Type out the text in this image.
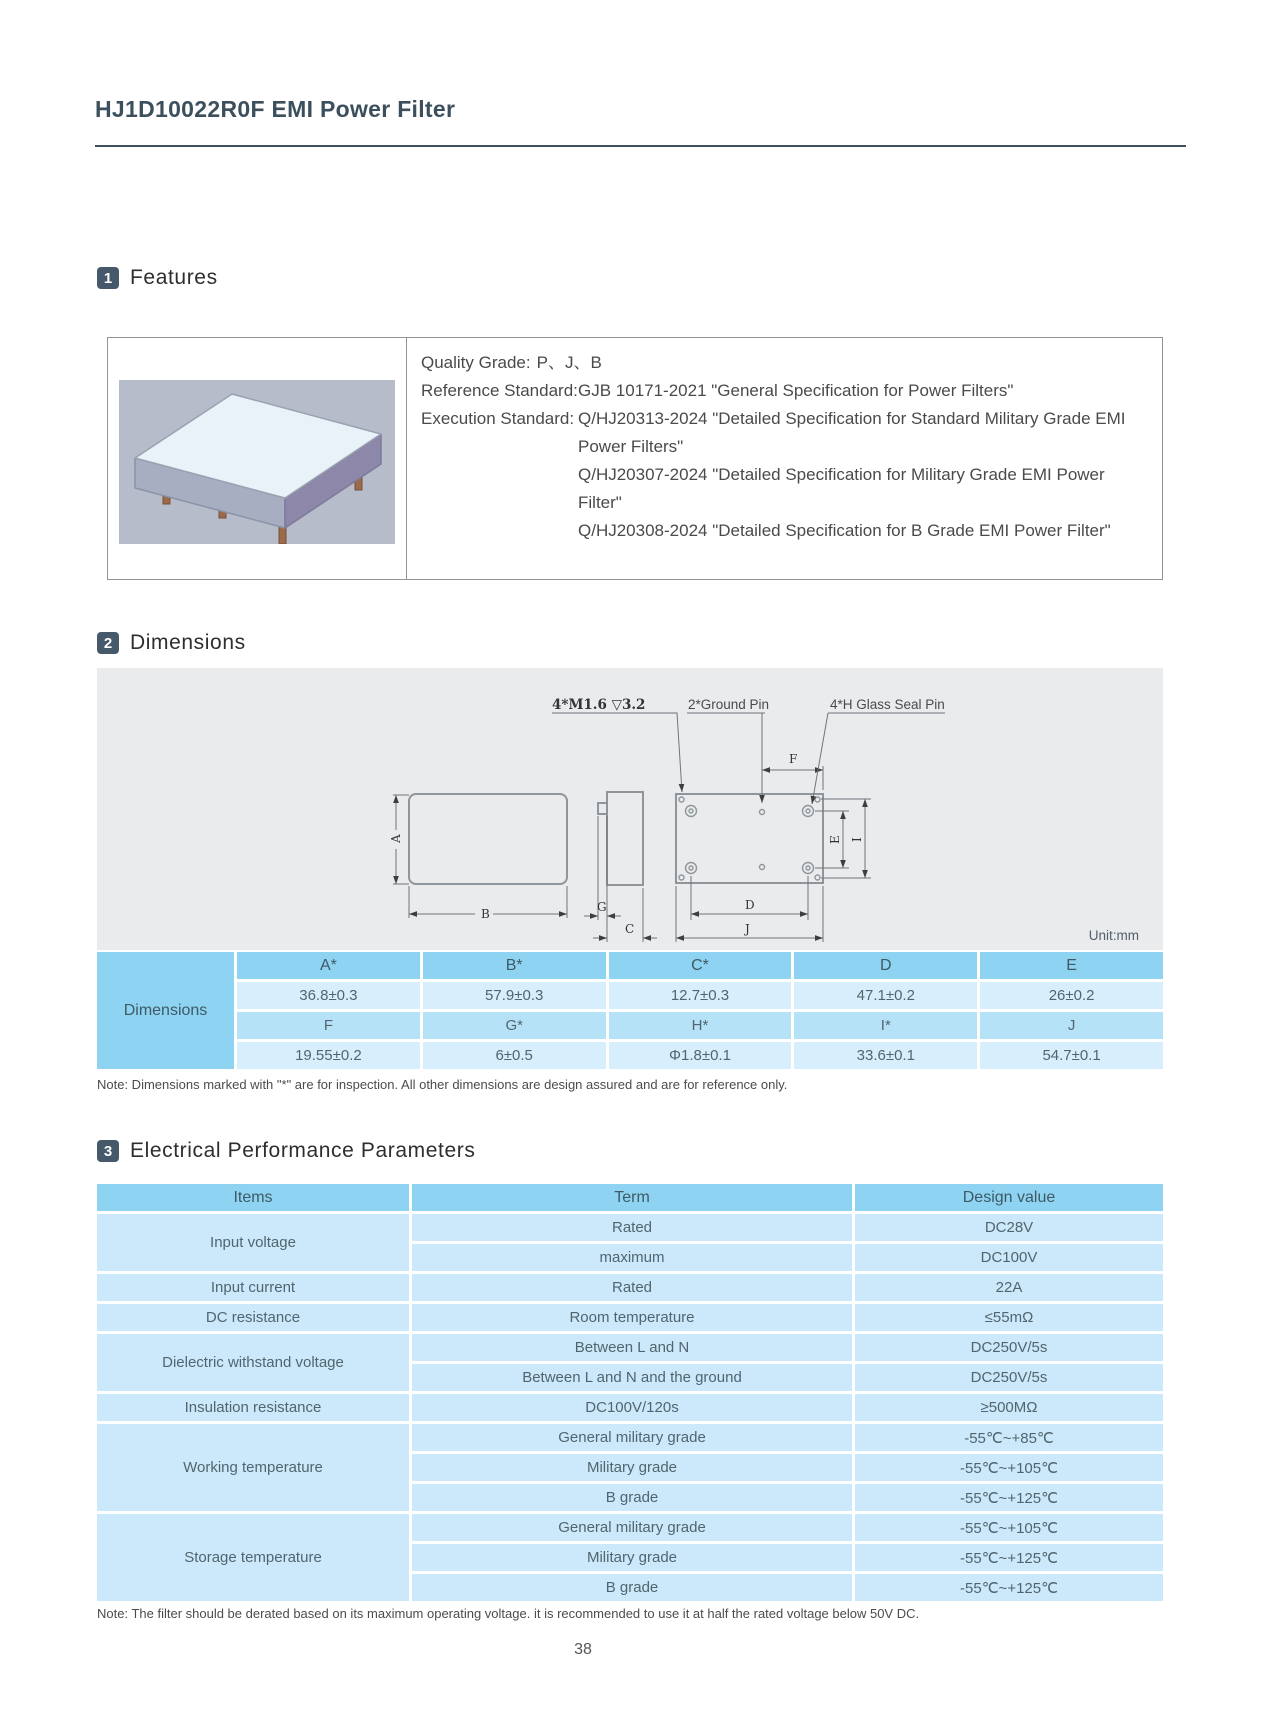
HJ1D10022R0F EMI Power Filter
1 Features
Quality Grade: P、J、B
Reference Standard: GJB 10171-2021 "General Specification for Power Filters"
Execution Standard: Q/HJ20313-2024 "Detailed Specification for Standard Military Grade EMI Power Filters"
Q/HJ20307-2024 "Detailed Specification for Military Grade EMI Power Filter"
Q/HJ20308-2024 "Detailed Specification for B Grade EMI Power Filter"
2 Dimensions
A
B	G
C
D
J
F
E I
4*M1.6 ▽3.2	2*Ground Pin	4*H Glass Seal Pin
Unit:mm
Dimensions
A*	B*	C*	D	E
36.8±0.3	57.9±0.3	12.7±0.3	47.1±0.2	26±0.2
F	G*	H*	I*	J
19.55±0.2	6±0.5	Φ1.8±0.1	33.6±0.1	54.7±0.1
Note: Dimensions marked with "*" are for inspection. All other dimensions are design assured and are for reference only.
3 Electrical Performance Parameters
Items	Term	Design value
Input voltage
Rated	DC28V
maximum	DC100V
Input current	Rated	22A
DC resistance	Room temperature	≤55mΩ
Dielectric withstand voltage
Between L and N	DC250V/5s
Between L and N and the ground	DC250V/5s
Insulation resistance	DC100V/120s	≥500MΩ
Working temperature
General military grade	-55℃~+85℃
Military grade	-55℃~+105℃
B grade	-55℃~+125℃
Storage temperature
General military grade	-55℃~+105℃
Military grade	-55℃~+125℃
B grade	-55℃~+125℃
Note: The filter should be derated based on its maximum operating voltage. it is recommended to use it at half the rated voltage below 50V DC.
38
